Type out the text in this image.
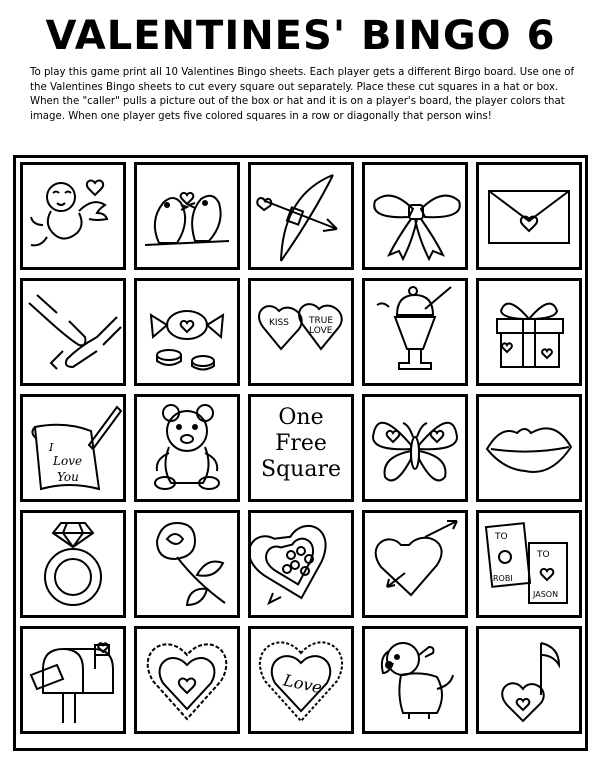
VALENTINES' BINGO 6
To play this game print all 10 Valentines Bingo sheets. Each player gets a different Birgo board. Use one of the Valentines Bingo sheets to cut every square out separately. Place these cut squares in a hat or box. When the "caller" pulls a picture out of the box or hat and it is on a player's board, the player colors that image. When one player gets five colored squares in a row or diagonally that person wins!
KISS TRUE
LOVE
I
Love
You
One
Free
Square
TO
ROBI
TO
JASON
Love
